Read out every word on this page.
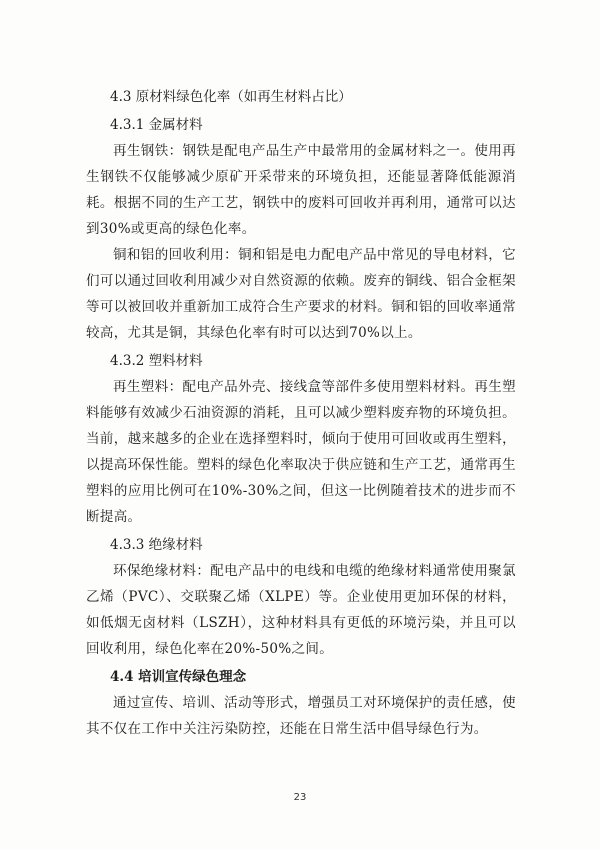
4.3 原材料绿色化率（如再生材料占比）

4.3.1 金属材料

再生钢铁：钢铁是配电产品生产中最常用的金属材料之一。使用再生钢铁不仅能够减少原矿开采带来的环境负担，还能显著降低能源消耗。根据不同的生产工艺，钢铁中的废料可回收并再利用，通常可以达到30%或更高的绿色化率。

铜和铝的回收利用：铜和铝是电力配电产品中常见的导电材料，它们可以通过回收利用减少对自然资源的依赖。废弃的铜线、铝合金框架等可以被回收并重新加工成符合生产要求的材料。铜和铝的回收率通常较高，尤其是铜，其绿色化率有时可以达到70%以上。

4.3.2 塑料材料

再生塑料：配电产品外壳、接线盒等部件多使用塑料材料。再生塑料能够有效减少石油资源的消耗，且可以减少塑料废弃物的环境负担。当前，越来越多的企业在选择塑料时，倾向于使用可回收或再生塑料，以提高环保性能。塑料的绿色化率取决于供应链和生产工艺，通常再生塑料的应用比例可在10%-30%之间，但这一比例随着技术的进步而不断提高。

4.3.3 绝缘材料

环保绝缘材料：配电产品中的电线和电缆的绝缘材料通常使用聚氯乙烯（PVC）、交联聚乙烯（XLPE）等。企业使用更加环保的材料，如低烟无卤材料（LSZH），这种材料具有更低的环境污染，并且可以回收利用，绿色化率在20%-50%之间。

4.4 培训宣传绿色理念

通过宣传、培训、活动等形式，增强员工对环境保护的责任感，使其不仅在工作中关注污染防控，还能在日常生活中倡导绿色行为。

23
